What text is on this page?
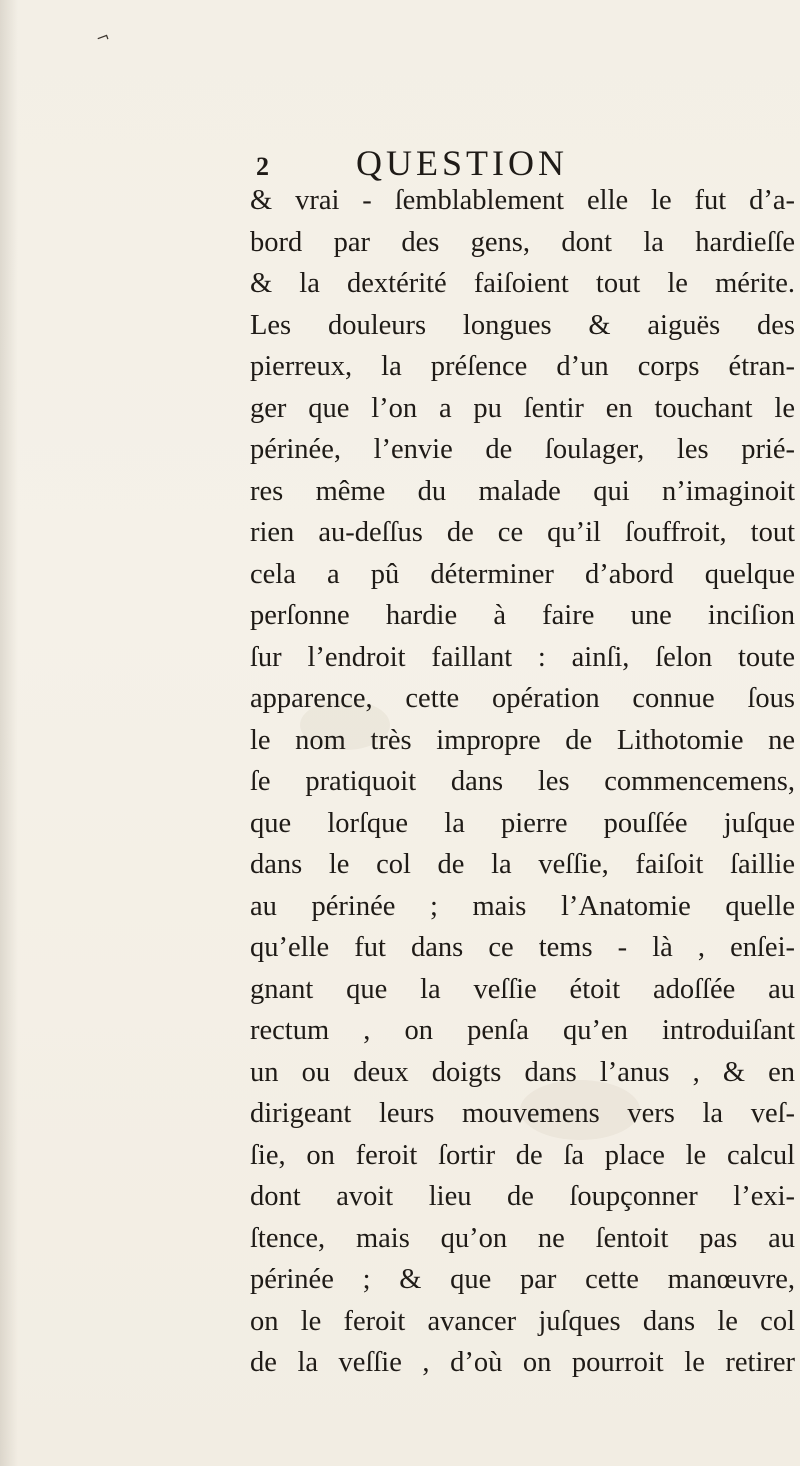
¬
2 QUESTION
& vrai - ſemblablement elle le fut d’a-
bord par des gens, dont la hardieſſe
& la dextérité faiſoient tout le mérite.
Les douleurs longues & aiguës des
pierreux, la préſence d’un corps étran-
ger que l’on a pu ſentir en touchant le
périnée, l’envie de ſoulager, les prié-
res même du malade qui n’imaginoit
rien au-deſſus de ce qu’il ſouffroit, tout
cela a pû déterminer d’abord quelque
perſonne hardie à faire une inciſion
ſur l’endroit faillant : ainſi, ſelon toute
apparence, cette opération connue ſous
le nom très impropre de Lithotomie ne
ſe pratiquoit dans les commencemens,
que lorſque la pierre pouſſée juſque
dans le col de la veſſie, faiſoit ſaillie
au périnée ; mais l’Anatomie quelle
qu’elle fut dans ce tems - là , enſei-
gnant que la veſſie étoit adoſſée au
rectum , on penſa qu’en introduiſant
un ou deux doigts dans l’anus , & en
dirigeant leurs mouvemens vers la veſ-
ſie, on feroit ſortir de ſa place le calcul
dont avoit lieu de ſoupçonner l’exi-
ſtence, mais qu’on ne ſentoit pas au
périnée ; & que par cette manœuvre,
on le feroit avancer juſques dans le col
de la veſſie , d’où on pourroit le retirer
